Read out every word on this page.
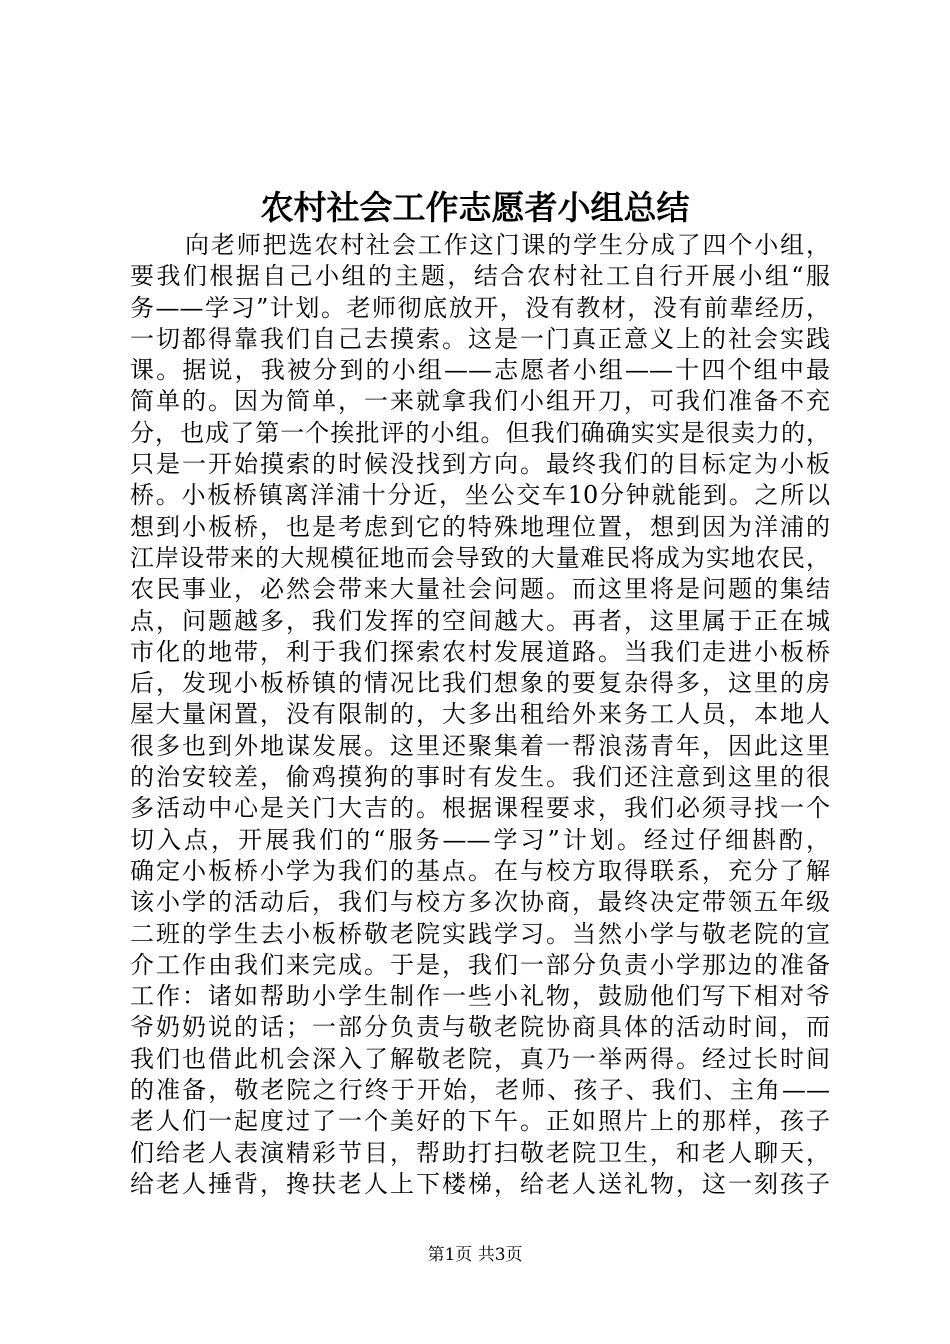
农村社会工作志愿者小组总结
向老师把选农村社会工作这门课的学生分成了四个小组，
要我们根据自己小组的主题，结合农村社工自行开展小组“服
务——学习”计划。老师彻底放开，没有教材，没有前辈经历，
一切都得靠我们自己去摸索。这是一门真正意义上的社会实践
课。据说，我被分到的小组——志愿者小组——十四个组中最
简单的。因为简单，一来就拿我们小组开刀，可我们准备不充
分，也成了第一个挨批评的小组。但我们确确实实是很卖力的，
只是一开始摸索的时候没找到方向。最终我们的目标定为小板
桥。小板桥镇离洋浦十分近，坐公交车10分钟就能到。之所以
想到小板桥，也是考虑到它的特殊地理位置，想到因为洋浦的
江岸设带来的大规模征地而会导致的大量难民将成为实地农民，
农民事业，必然会带来大量社会问题。而这里将是问题的集结
点，问题越多，我们发挥的空间越大。再者，这里属于正在城
市化的地带，利于我们探索农村发展道路。当我们走进小板桥
后，发现小板桥镇的情况比我们想象的要复杂得多，这里的房
屋大量闲置，没有限制的，大多出租给外来务工人员，本地人
很多也到外地谋发展。这里还聚集着一帮浪荡青年，因此这里
的治安较差，偷鸡摸狗的事时有发生。我们还注意到这里的很
多活动中心是关门大吉的。根据课程要求，我们必须寻找一个
切入点，开展我们的“服务——学习”计划。经过仔细斟酌，
确定小板桥小学为我们的基点。在与校方取得联系，充分了解
该小学的活动后，我们与校方多次协商，最终决定带领五年级
二班的学生去小板桥敬老院实践学习。当然小学与敬老院的宣
介工作由我们来完成。于是，我们一部分负责小学那边的准备
工作：诸如帮助小学生制作一些小礼物，鼓励他们写下相对爷
爷奶奶说的话；一部分负责与敬老院协商具体的活动时间，而
我们也借此机会深入了解敬老院，真乃一举两得。经过长时间
的准备，敬老院之行终于开始，老师、孩子、我们、主角——
老人们一起度过了一个美好的下午。正如照片上的那样，孩子
们给老人表演精彩节目，帮助打扫敬老院卫生，和老人聊天，
给老人捶背，搀扶老人上下楼梯，给老人送礼物，这一刻孩子
第1页 共3页
